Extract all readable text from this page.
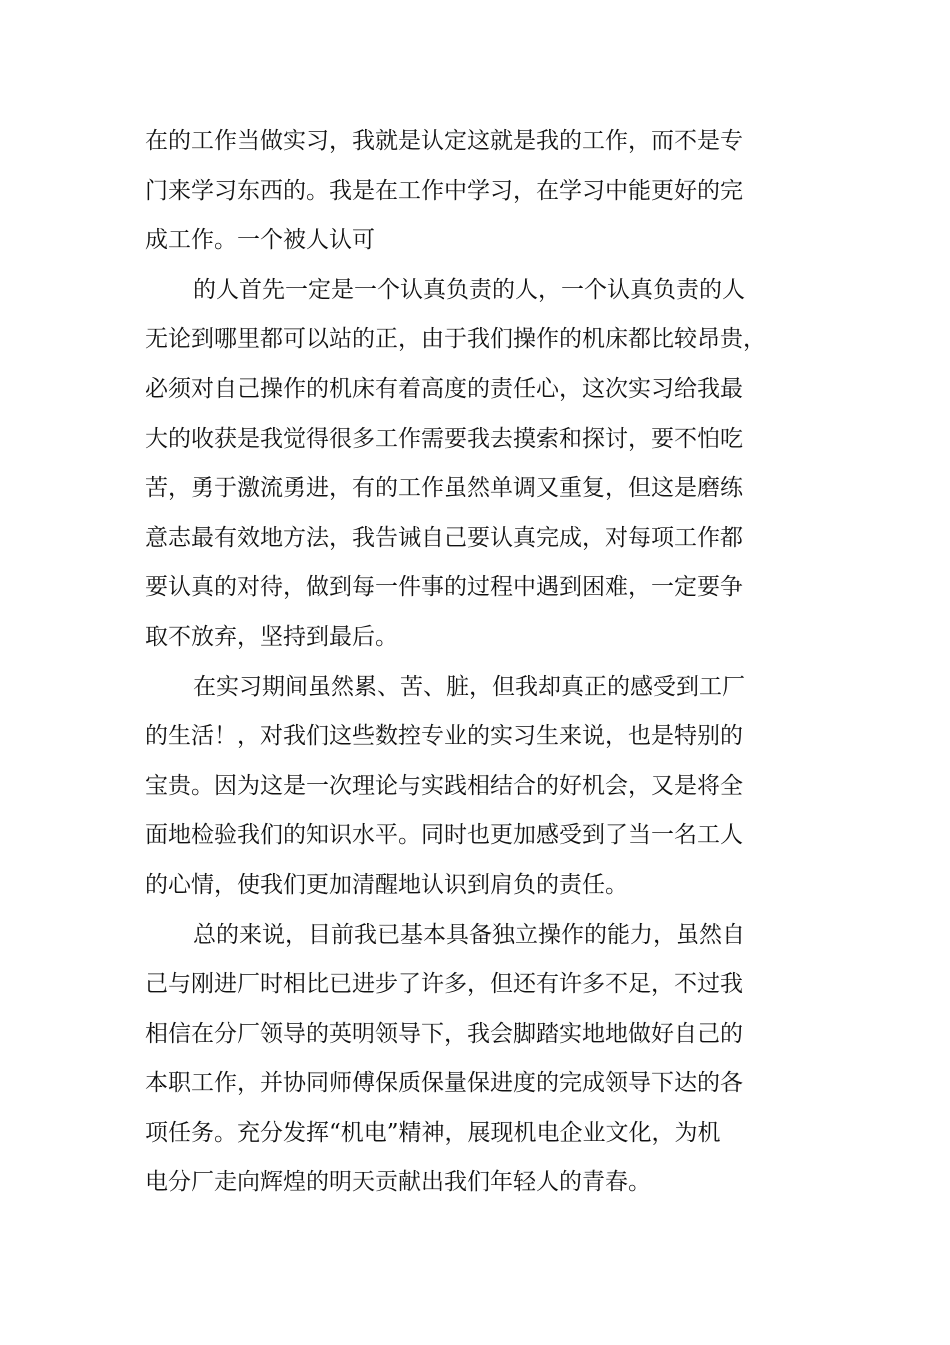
在的工作当做实习，我就是认定这就是我的工作，而不是专
门来学习东西的。我是在工作中学习，在学习中能更好的完
成工作。一个被人认可
的人首先一定是一个认真负责的人，一个认真负责的人
无论到哪里都可以站的正，由于我们操作的机床都比较昂贵，
必须对自己操作的机床有着高度的责任心，这次实习给我最
大的收获是我觉得很多工作需要我去摸索和探讨，要不怕吃
苦，勇于激流勇进，有的工作虽然单调又重复，但这是磨练
意志最有效地方法，我告诫自己要认真完成，对每项工作都
要认真的对待，做到每一件事的过程中遇到困难，一定要争
取不放弃，坚持到最后。
在实习期间虽然累、苦、脏，但我却真正的感受到工厂
的生活！，对我们这些数控专业的实习生来说，也是特别的
宝贵。因为这是一次理论与实践相结合的好机会，又是将全
面地检验我们的知识水平。同时也更加感受到了当一名工人
的心情，使我们更加清醒地认识到肩负的责任。
总的来说，目前我已基本具备独立操作的能力，虽然自
己与刚进厂时相比已进步了许多，但还有许多不足，不过我
相信在分厂领导的英明领导下，我会脚踏实地地做好自己的
本职工作，并协同师傅保质保量保进度的完成领导下达的各
项任务。充分发挥“机电”精神，展现机电企业文化，为机
电分厂走向辉煌的明天贡献出我们年轻人的青春。
